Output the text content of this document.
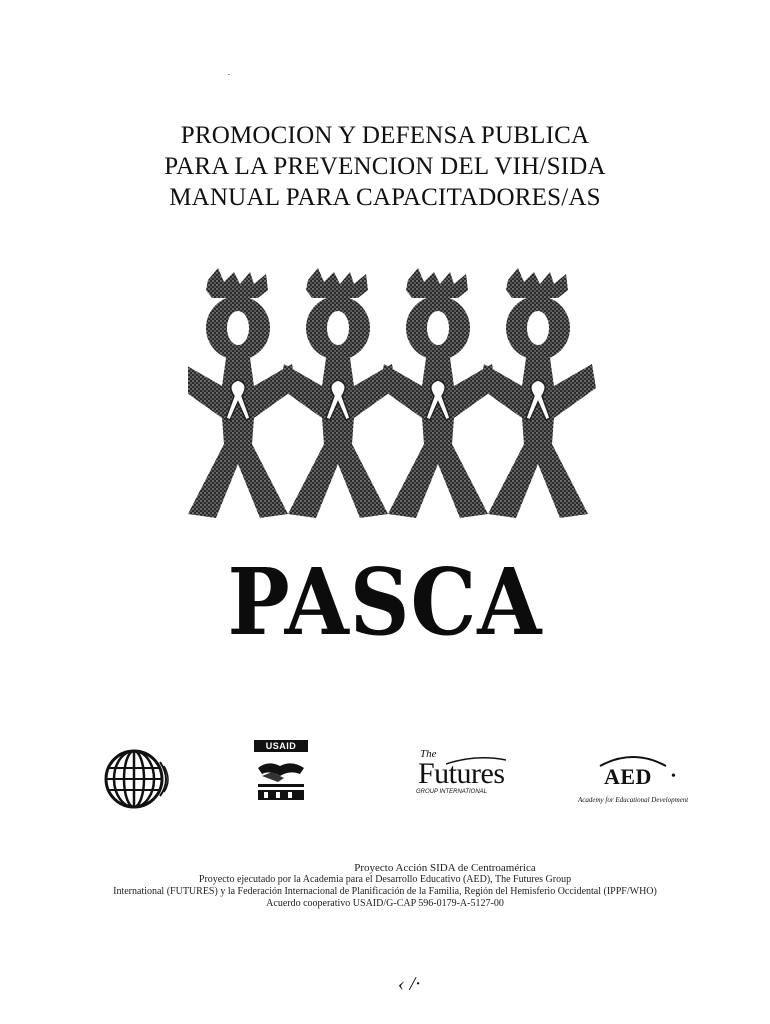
PROMOCION Y DEFENSA PUBLICA
PARA LA PREVENCION DEL VIH/SIDA
MANUAL PARA CAPACITADORES/AS
PASCA
USAID
The
Futures
GROUP INTERNATIONAL
AED •
Academy for Educational Development
Proyecto Acción SIDA de Centroamérica
Proyecto ejecutado por la Academia para el Desarrollo Educativo (AED), The Futures Group
International (FUTURES) y la Federación Internacional de Planificación de la Familia, Región del Hemisferio Occidental (IPPF/WHO)
Acuerdo cooperativo USAID/G-CAP 596-0179-A-5127-00
‹ /·
